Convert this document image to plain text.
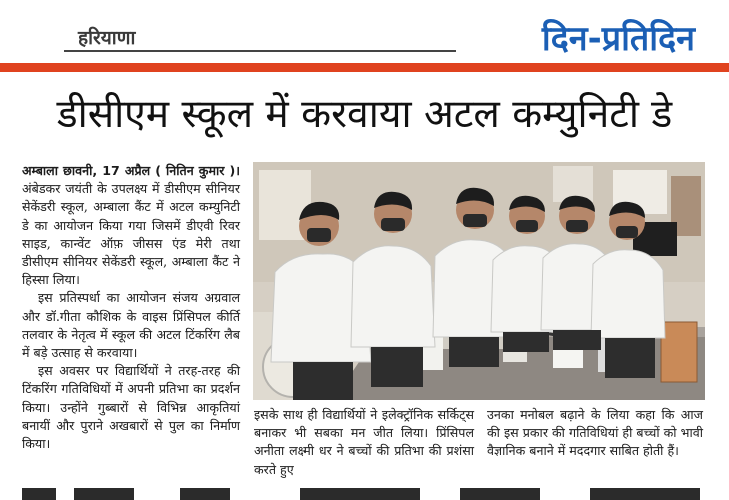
हरियाणा	दिन-प्रतिदिन
डीसीएम स्कूल में करवाया अटल कम्युनिटी डे

अम्बाला छावनी, 17 अप्रैल ( नितिन कुमार )। अंबेडकर जयंती के उपलक्ष्य में डीसीएम सीनियर सेकेंडरी स्कूल, अम्बाला कैंट में अटल कम्युनिटी डे का आयोजन किया गया जिसमें डीएवी रिवर साइड, कान्वेंट ऑफ़ जीसस एंड मेरी तथा डीसीएम सीनियर सेकेंडरी स्कूल, अम्बाला कैंट ने हिस्सा लिया।

इस प्रतिस्पर्धा का आयोजन संजय अग्रवाल और डॉ.गीता कौशिक के वाइस प्रिंसिपल कीर्ति तलवार के नेतृत्व में स्कूल की अटल टिंकरिंग लैब में बड़े उत्साह से करवाया।

इस अवसर पर विद्यार्थियों ने तरह-तरह की टिंकरिंग गतिविधियों में अपनी प्रतिभा का प्रदर्शन किया। उन्होंने गुब्बारों से विभिन्न आकृतियां बनायीं और पुराने अखबारों से पुल का निर्माण किया।

इसके साथ ही विद्यार्थियों ने इलेक्ट्रॉनिक सर्किट्स बनाकर भी सबका मन जीत लिया। प्रिंसिपल अनीता लक्ष्मी धर ने बच्चों की प्रतिभा की प्रशंसा करते हुए

उनका मनोबल बढ़ाने के लिया कहा कि आज की इस प्रकार की गतिविधियां ही बच्चों को भावी वैज्ञानिक बनाने में मददगार साबित होती हैं।
